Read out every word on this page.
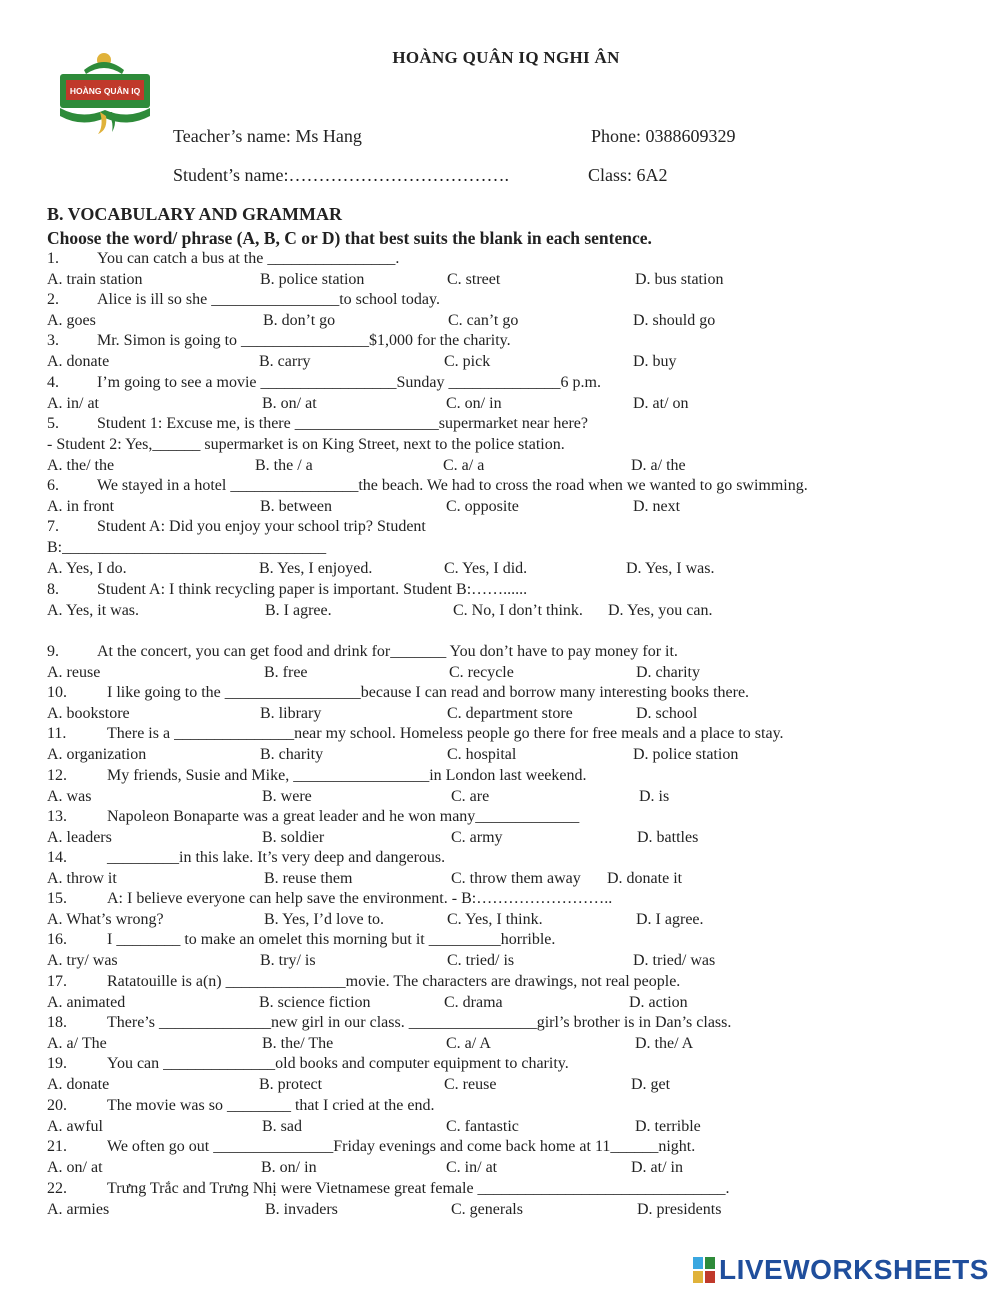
HOÀNG QUÂN IQ NGHI ÂN
HOÀNG QUÂN IQ
Teacher’s name: Ms Hang	Phone: 0388609329
Student’s name:……………………………….	Class: 6A2
B. VOCABULARY AND GRAMMAR
Choose the word/ phrase (A, B, C or D) that best suits the blank in each sentence.
1. You can catch a bus at the ________________.
A. train station	B. police station	C. street	D. bus station
2. Alice is ill so she ________________to school today.
A. goes	B. don’t go	C. can’t go	D. should go
3. Mr. Simon is going to ________________$1,000 for the charity.
A. donate	B. carry	C. pick	D. buy
4. I’m going to see a movie _________________Sunday ______________6 p.m.
A. in/ at	B. on/ at	C. on/ in	D. at/ on
5. Student 1: Excuse me, is there __________________supermarket near here?
- Student 2: Yes,______ supermarket is on King Street, next to the police station.
A. the/ the	B. the / a	C. a/ a	D. a/ the
6. We stayed in a hotel ________________the beach. We had to cross the road when we wanted to go swimming.
A. in front	B. between	C. opposite	D. next
7. Student A: Did you enjoy your school trip? Student
B:_________________________________
A. Yes, I do.	B. Yes, I enjoyed.	C. Yes, I did.	D. Yes, I was.
8. Student A: I think recycling paper is important. Student B:……......
A. Yes, it was.	B. I agree.	C. No, I don’t think. D. Yes, you can.
9. At the concert, you can get food and drink for_______ You don’t have to pay money for it.
A. reuse	B. free	C. recycle	D. charity
10.	I like going to the _________________because I can read and borrow many interesting books there.
A. bookstore	B. library	C. department store	D. school
11.	There is a _______________near my school. Homeless people go there for free meals and a place to stay.
A. organization	B. charity	C. hospital	D. police station
12.	My friends, Susie and Mike, _________________in London last weekend.
A. was	B. were	C. are	D. is
13.	Napoleon Bonaparte was a great leader and he won many_____________
A. leaders	B. soldier	C. army	D. battles
14.	_________in this lake. It’s very deep and dangerous.
A. throw it	B. reuse them	C. throw them away D. donate it
15.	A: I believe everyone can help save the environment. - B:……………………..
A. What’s wrong?	B. Yes, I’d love to.	C. Yes, I think.	D. I agree.
16.	I ________ to make an omelet this morning but it _________horrible.
A. try/ was	B. try/ is	C. tried/ is	D. tried/ was
17.	Ratatouille is a(n) _______________movie. The characters are drawings, not real people.
A. animated	B. science fiction	C. drama	D. action
18.	There’s ______________new girl in our class. ________________girl’s brother is in Dan’s class.
A. a/ The	B. the/ The	C. a/ A	D. the/ A
19.	You can ______________old books and computer equipment to charity.
A. donate	B. protect	C. reuse	D. get
20.	The movie was so ________ that I cried at the end.
A. awful	B. sad	C. fantastic	D. terrible
21.	We often go out _______________Friday evenings and come back home at 11______night.
A. on/ at	B. on/ in	C. in/ at	D. at/ in
22.	Trưng Trắc and Trưng Nhị were Vietnamese great female _______________________________.
A. armies	B. invaders	C. generals	D. presidents
LIVEWORKSHEETS
